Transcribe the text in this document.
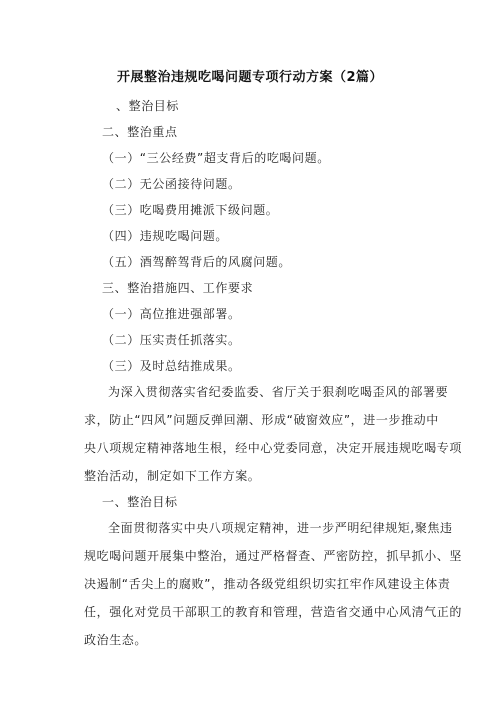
开展整治违规吃喝问题专项行动方案（2篇）
、整治目标
二、整治重点
（一）“三公经费”超支背后的吃喝问题。
（二）无公函接待问题。
（三）吃喝费用摊派下级问题。
（四）违规吃喝问题。
（五）酒驾醉驾背后的风腐问题。
三、整治措施四、工作要求
（一）高位推进强部署。
（二）压实责任抓落实。
（三）及时总结推成果。
为深入贯彻落实省纪委监委、省厅关于狠刹吃喝歪风的部署要
求，防止“四风”问题反弹回潮、形成“破窗效应”，进一步推动中
央八项规定精神落地生根，经中心党委同意，决定开展违规吃喝专项
整治活动，制定如下工作方案。
一、整治目标
全面贯彻落实中央八项规定精神，进一步严明纪律规矩,聚焦违
规吃喝问题开展集中整治，通过严格督查、严密防控，抓早抓小、坚
决遏制“舌尖上的腐败”，推动各级党组织切实扛牢作风建设主体责
任，强化对党员干部职工的教育和管理，营造省交通中心风清气正的
政治生态。
